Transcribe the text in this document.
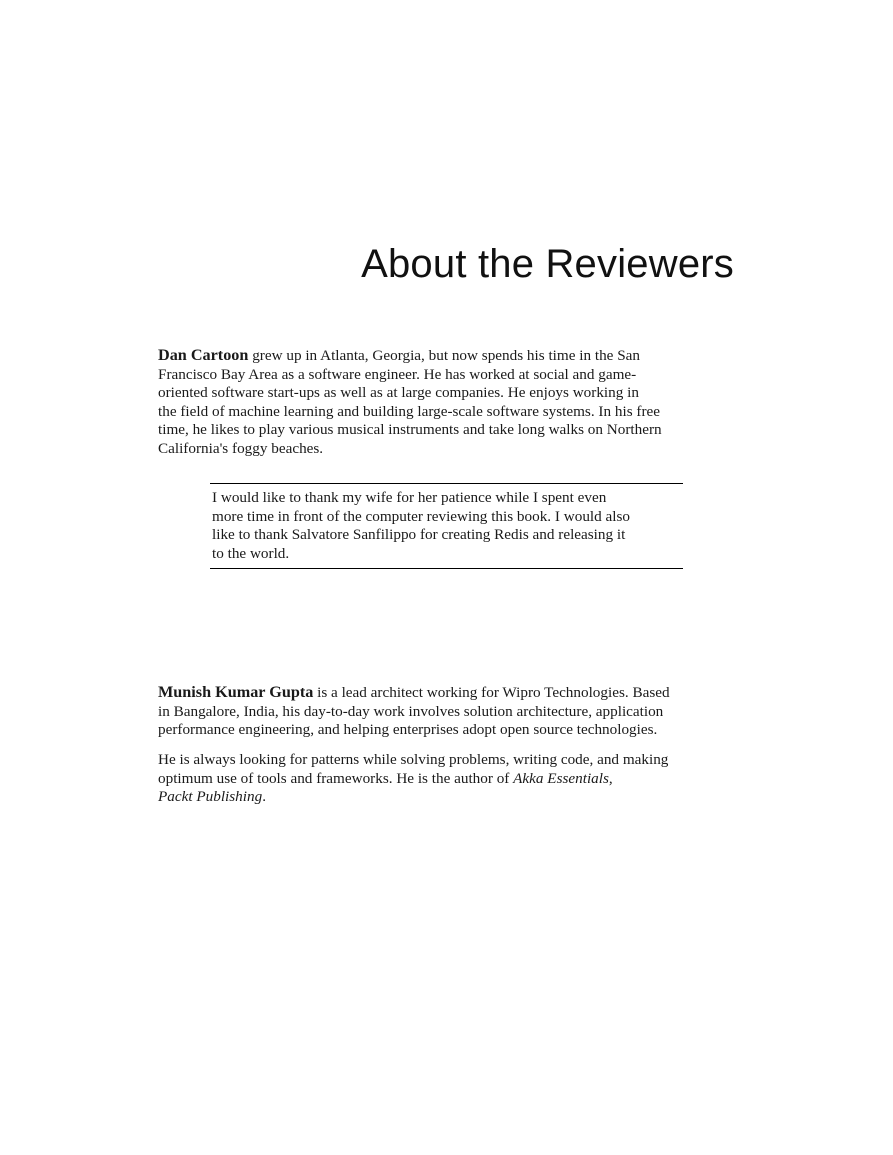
About the Reviewers

Dan Cartoon grew up in Atlanta, Georgia, but now spends his time in the San
Francisco Bay Area as a software engineer. He has worked at social and game-
oriented software start-ups as well as at large companies. He enjoys working in
the field of machine learning and building large-scale software systems. In his free
time, he likes to play various musical instruments and take long walks on Northern
California's foggy beaches.

I would like to thank my wife for her patience while I spent even
more time in front of the computer reviewing this book. I would also
like to thank Salvatore Sanfilippo for creating Redis and releasing it
to the world.

Munish Kumar Gupta is a lead architect working for Wipro Technologies. Based
in Bangalore, India, his day-to-day work involves solution architecture, application
performance engineering, and helping enterprises adopt open source technologies.

He is always looking for patterns while solving problems, writing code, and making
optimum use of tools and frameworks. He is the author of Akka Essentials,
Packt Publishing.
